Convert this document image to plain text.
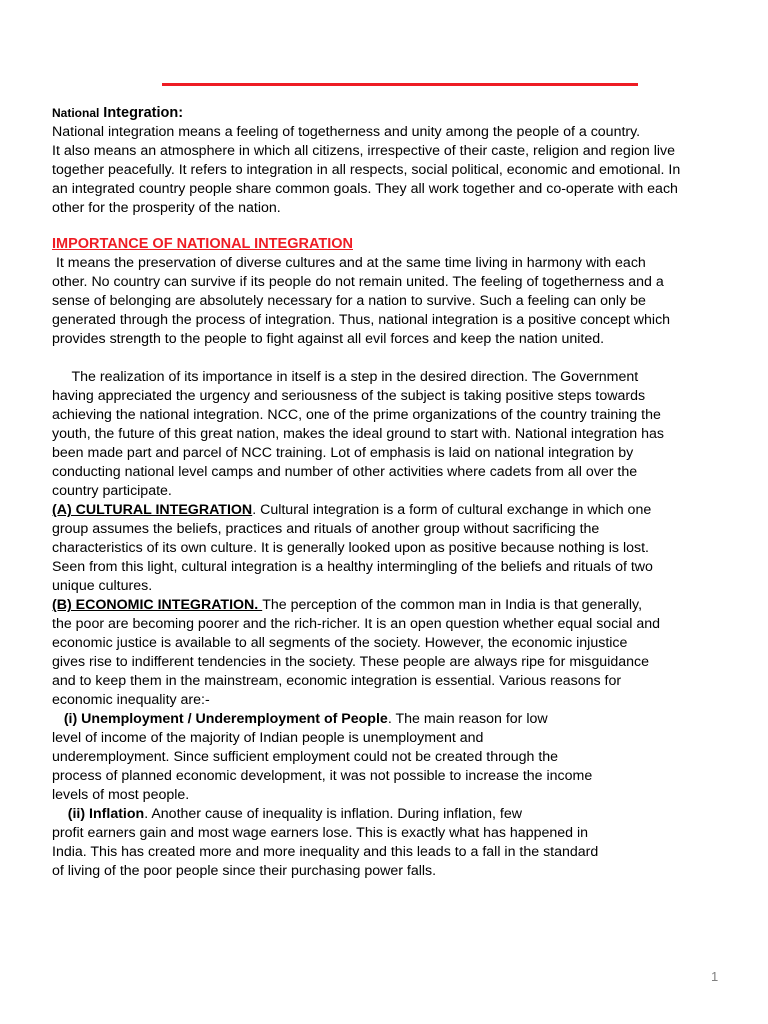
National Integration:
National integration means a feeling of togetherness and unity among the people of a country.
It also means an atmosphere in which all citizens, irrespective of their caste, religion and region live
together peacefully. It refers to integration in all respects, social political, economic and emotional. In
an integrated country people share common goals. They all work together and co-operate with each
other for the prosperity of the nation.
IMPORTANCE OF NATIONAL INTEGRATION
It means the preservation of diverse cultures and at the same time living in harmony with each
other. No country can survive if its people do not remain united. The feeling of togetherness and a
sense of belonging are absolutely necessary for a nation to survive. Such a feeling can only be
generated through the process of integration. Thus, national integration is a positive concept which
provides strength to the people to fight against all evil forces and keep the nation united.
The realization of its importance in itself is a step in the desired direction. The Government
having appreciated the urgency and seriousness of the subject is taking positive steps towards
achieving the national integration. NCC, one of the prime organizations of the country training the
youth, the future of this great nation, makes the ideal ground to start with. National integration has
been made part and parcel of NCC training. Lot of emphasis is laid on national integration by
conducting national level camps and number of other activities where cadets from all over the
country participate.
(A) CULTURAL INTEGRATION. Cultural integration is a form of cultural exchange in which one
group assumes the beliefs, practices and rituals of another group without sacrificing the
characteristics of its own culture. It is generally looked upon as positive because nothing is lost.
Seen from this light, cultural integration is a healthy intermingling of the beliefs and rituals of two
unique cultures.
(B) ECONOMIC INTEGRATION. The perception of the common man in India is that generally,
the poor are becoming poorer and the rich-richer. It is an open question whether equal social and
economic justice is available to all segments of the society. However, the economic injustice
gives rise to indifferent tendencies in the society. These people are always ripe for misguidance
and to keep them in the mainstream, economic integration is essential. Various reasons for
economic inequality are:-
(i) Unemployment / Underemployment of People. The main reason for low
level of income of the majority of Indian people is unemployment and
underemployment. Since sufficient employment could not be created through the
process of planned economic development, it was not possible to increase the income
levels of most people.
(ii) Inflation. Another cause of inequality is inflation. During inflation, few
profit earners gain and most wage earners lose. This is exactly what has happened in
India. This has created more and more inequality and this leads to a fall in the standard
of living of the poor people since their purchasing power falls.
1
